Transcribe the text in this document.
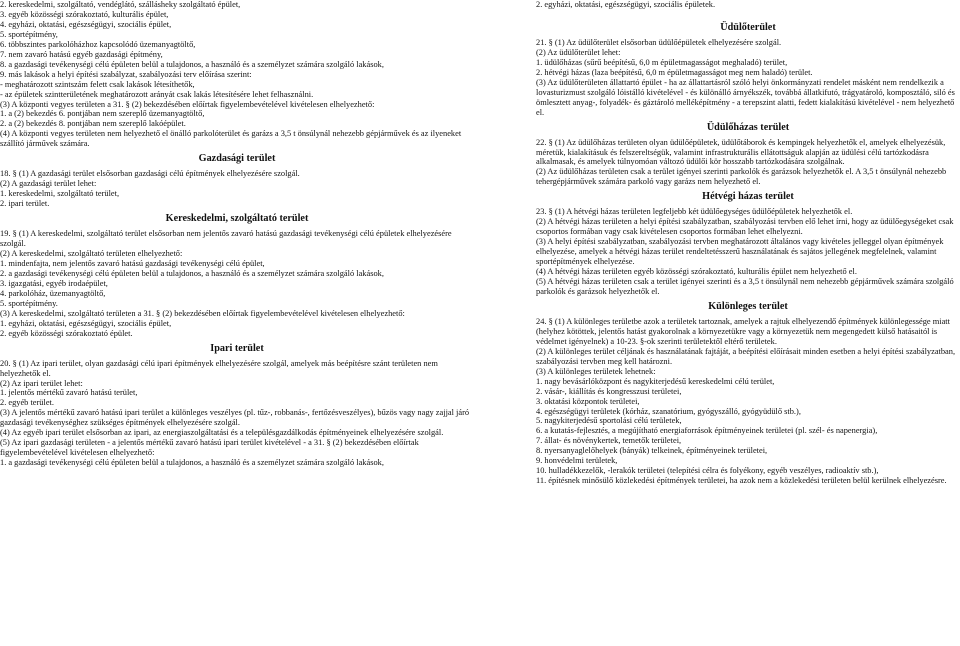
2. kereskedelmi, szolgáltató, vendéglátó, szállásheky szolgáltató épület,
3. egyéb közösségi szórakoztató, kulturális épület,
4. egyházi, oktatási, egészségügyi, szociális épület,
5. sportépítmény,
6. többszintes parkolóházhoz kapcsolódó üzemanyagtöltő,
7. nem zavaró hatású egyéb gazdasági építmény,
8. a gazdasági tevékenységi célú épületen belül a tulajdonos, a használó és a személyzet számára szolgáló lakások,
9. más lakások a helyi építési szabályzat, szabályozási terv előírása szerint:
- meghatározott szintszám felett csak lakások létesíthetők,
- az épületek szintterületének meghatározott arányát csak lakás létesítésére lehet felhasználni.
(3) A központi vegyes területen a 31. § (2) bekezdésében előírtak figyelembevételével kivételesen elhelyezhető:
1. a (2) bekezdés 6. pontjában nem szereplő üzemanyagtöltő,
2. a (2) bekezdés 8. pontjában nem szereplő lakóépület.
(4) A központi vegyes területen nem helyezhető el önálló parkolóterület és garázs a 3,5 t önsúlynál nehezebb gépjárművek és az ilyeneket szállító járművek számára.
Gazdasági terület
18. § (1) A gazdasági terület elsősorban gazdasági célú építmények elhelyezésére szolgál.
(2) A gazdasági terület lehet:
1. kereskedelmi, szolgáltató terület,
2. ipari terület.
Kereskedelmi, szolgáltató terület
19. § (1) A kereskedelmi, szolgáltató terület elsősorban nem jelentős zavaró hatású gazdasági tevékenységi célú épületek elhelyezésére szolgál.
(2) A kereskedelmi, szolgáltató területen elhelyezhető:
1. mindenfajta, nem jelentős zavaró hatású gazdasági tevékenységi célú épület,
2. a gazdasági tevékenységi célú épületen belül a tulajdonos, a használó és a személyzet számára szolgáló lakások,
3. igazgatási, egyéb irodaépület,
4. parkolóház, üzemanyagtöltő,
5. sportépítmény.
(3) A kereskedelmi, szolgáltató területen a 31. § (2) bekezdésében előírtak figyelembevételével kivételesen elhelyezhető:
1. egyházi, oktatási, egészségügyi, szociális épület,
2. egyéb közösségi szórakoztató épület.
Ipari terület
20. § (1) Az ipari terület, olyan gazdasági célú ipari építmények elhelyezésére szolgál, amelyek más beépítésre szánt területen nem helyezhetők el.
(2) Az ipari terület lehet:
1. jelentős mértékű zavaró hatású terület,
2. egyéb terület.
(3) A jelentős mértékű zavaró hatású ipari terület a különleges veszélyes (pl. tűz-, robbanás-, fertőzésveszélyes), bűzös vagy nagy zajjal járó gazdasági tevékenységhez szükséges építmények elhelyezésére szolgál.
(4) Az egyéb ipari terület elsősorban az ipari, az energiaszolgáltatási és a településgazdálkodás építményeinek elhelyezésére szolgál.
(5) Az ipari gazdasági területen - a jelentős mértékű zavaró hatású ipari terület kivételével - a 31. § (2) bekezdésében előírtak figyelembevételével kivételesen elhelyezhető:
1. a gazdasági tevékenységi célú épületen belül a tulajdonos, a használó és a személyzet számára szolgáló lakások,
2. egyházi, oktatási, egészségügyi, szociális épületek.
Üdülőterület
21. § (1) Az üdülőterület elsősorban üdülőépületek elhelyezésére szolgál.
(2) Az üdülőterület lehet:
1. üdülőházas (sűrű beépítésű, 6,0 m épületmagasságot meghaladó) terület,
2. hétvégi házas (laza beépítésű, 6,0 m épületmagasságot meg nem haladó) terület.
(3) Az üdülőterületen állattartó épület - ha az állattartásról szóló helyi önkormányzati rendelet másként nem rendelkezik a lovasturizmust szolgáló lóistálló kivételével - és különálló árnyékszék, továbbá állatkifutó, trágyatároló, komposztáló, siló és ömlesztett anyag-, folyadék- és gáztároló melléképítmény - a terepszint alatti, fedett kialakítású kivételével - nem helyezhető el.
Üdülőházas terület
22. § (1) Az üdülőházas területen olyan üdülőépületek, üdülőtáborok és kempingek helyezhetők el, amelyek elhelyezésük, méretük, kialakításuk és felszereltségük, valamint infrastrukturális ellátottságuk alapján az üdülési célú tartózkodásra alkalmasak, és amelyek túlnyomóan változó üdülői kör hosszabb tartózkodására szolgálnak.
(2) Az üdülőházas területen csak a terület igényei szerinti parkolók és garázsok helyezhetők el. A 3,5 t önsúlynál nehezebb tehergépjárművek számára parkoló vagy garázs nem helyezhető el.
Hétvégi házas terület
23. § (1) A hétvégi házas területen legfeljebb két üdülőegységes üdülőépületek helyezhetők el.
(2) A hétvégi házas területen a helyi építési szabályzatban, szabályozási tervben elő lehet írni, hogy az üdülőegységeket csak csoportos formában vagy csak kivételesen csoportos formában lehet elhelyezni.
(3) A helyi építési szabályzatban, szabályozási tervben meghatározott általános vagy kivételes jelleggel olyan építmények elhelyezése, amelyek a hétvégi házas terület rendeltetésszerű használatának és sajátos jellegének megfelelnek, valamint sportépítmények elhelyezése.
(4) A hétvégi házas területen egyéb közösségi szórakoztató, kulturális épület nem helyezhető el.
(5) A hétvégi házas területen csak a terület igényei szerinti és a 3,5 t önsúlynál nem nehezebb gépjárművek számára szolgáló parkolók és garázsok helyezhetők el.
Különleges terület
24. § (1) A különleges területbe azok a területek tartoznak, amelyek a rajtuk elhelyezendő építmények különlegessége miatt (helyhez kötöttek, jelentős hatást gyakorolnak a környezetükre vagy a környezetük nem megengedett külső hatásaitól is védelmet igényelnek) a 10-23. §-ok szerinti területektől eltérő területek.
(2) A különleges terület céljának és használatának fajtáját, a beépítési előírásait minden esetben a helyi építési szabályzatban, szabályozási tervben meg kell határozni.
(3) A különleges területek lehetnek:
1. nagy bevásárlóközpont és nagykiterjedésű kereskedelmi célú terület,
2. vásár-, kiállítás és kongresszusi területei,
3. oktatási központok területei,
4. egészségügyi területek (kórház, szanatórium, gyógyszálló, gyógyüdülő stb.),
5. nagykiterjedésű sportolási célú területek,
6. a kutatás-fejlesztés, a megújítható energiaforrások építményeinek területei (pl. szél- és napenergia),
7. állat- és növénykertek, temetők területei,
8. nyersanyaglelőhelyek (bányák) telkeinek, építményeinek területei,
9. honvédelmi területek,
10. hulladékkezelők, -lerakók területei (telepítési célra és folyékony, egyéb veszélyes, radioaktív stb.),
11. építésnek minősülő közlekedési építmények területei, ha azok nem a közlekedési területen belül kerülnek elhelyezésre.
